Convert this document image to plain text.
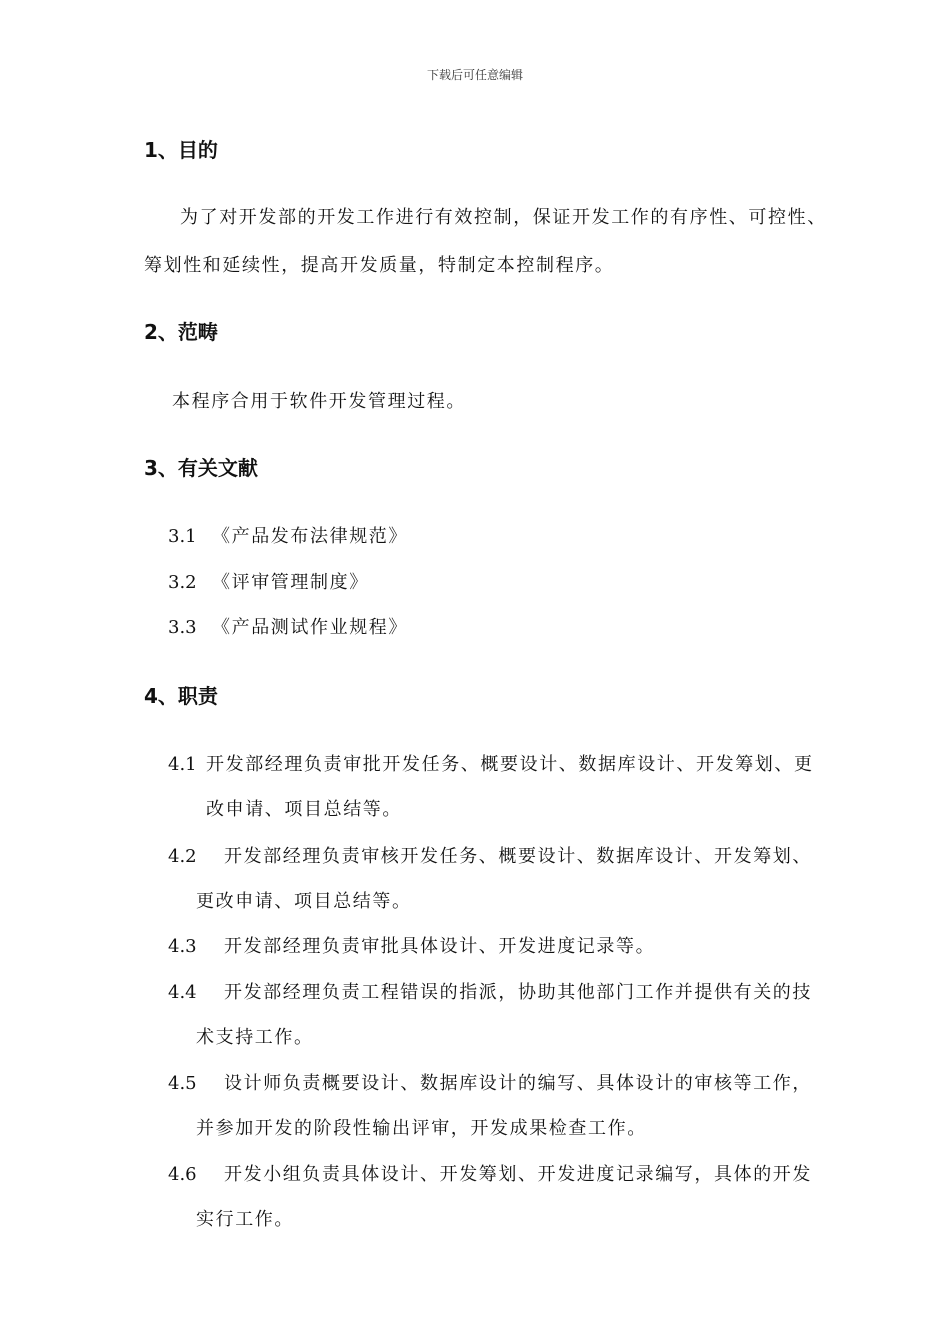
下载后可任意编辑
1、目的
为了对开发部的开发工作进行有效控制，保证开发工作的有序性、可控性、
筹划性和延续性，提高开发质量，特制定本控制程序。
2、范畴
本程序合用于软件开发管理过程。
3、有关文献
3.1 《产品发布法律规范》
3.2 《评审管理制度》
3.3 《产品测试作业规程》
4、职责
4.1 开发部经理负责审批开发任务、概要设计、数据库设计、开发筹划、更
改申请、项目总结等。
4.2 开发部经理负责审核开发任务、概要设计、数据库设计、开发筹划、
更改申请、项目总结等。
4.3 开发部经理负责审批具体设计、开发进度记录等。
4.4 开发部经理负责工程错误的指派，协助其他部门工作并提供有关的技
术支持工作。
4.5 设计师负责概要设计、数据库设计的编写、具体设计的审核等工作，
并参加开发的阶段性输出评审，开发成果检查工作。
4.6 开发小组负责具体设计、开发筹划、开发进度记录编写，具体的开发
实行工作。
